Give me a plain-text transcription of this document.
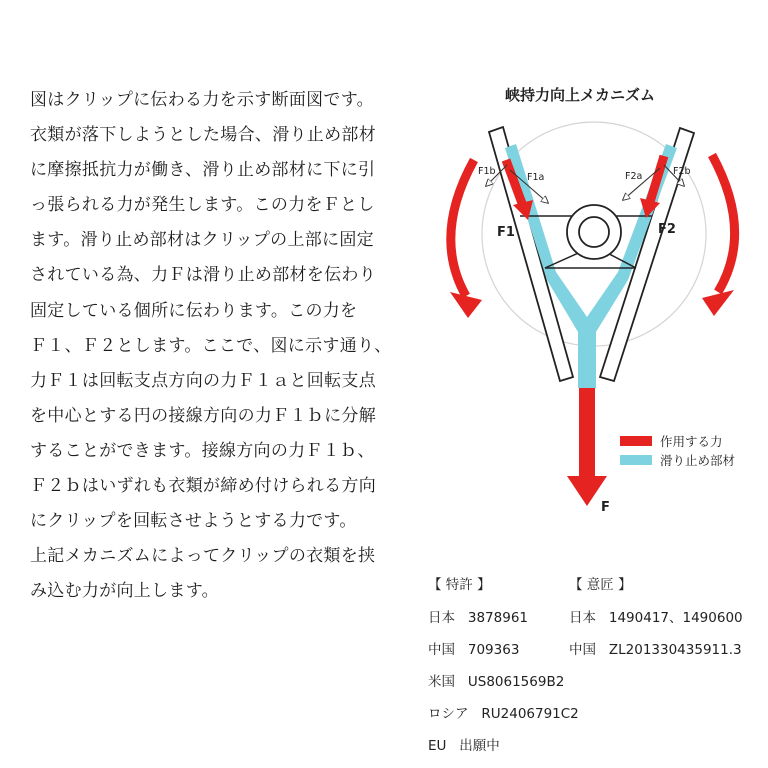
図はクリップに伝わる力を示す断面図です。
衣類が落下しようとした場合、滑り止め部材
に摩擦抵抗力が働き、滑り止め部材に下に引
っ張られる力が発生します。この力をＦとし
ます。滑り止め部材はクリップの上部に固定
されている為、力Ｆは滑り止め部材を伝わり
固定している個所に伝わります。この力を
Ｆ１、Ｆ２とします。ここで、図に示す通り、
力Ｆ１は回転支点方向の力Ｆ１ａと回転支点
を中心とする円の接線方向の力Ｆ１ｂに分解
することができます。接線方向の力Ｆ１ｂ、
Ｆ２ｂはいずれも衣類が締め付けられる方向
にクリップを回転させようとする力です。
上記メカニズムによってクリップの衣類を挟
み込む力が向上します。
峡持力向上メカニズム
F1b
F1a	F2a	F2b
F1	F2
F
作用する力
滑り止め部材
【 特許 】	【 意匠 】
日本 3878961	日本 1490417、1490600
中国 709363	中国 ZL201330435911.3
米国 US8061569B2
ロシア RU2406791C2
EU 出願中
